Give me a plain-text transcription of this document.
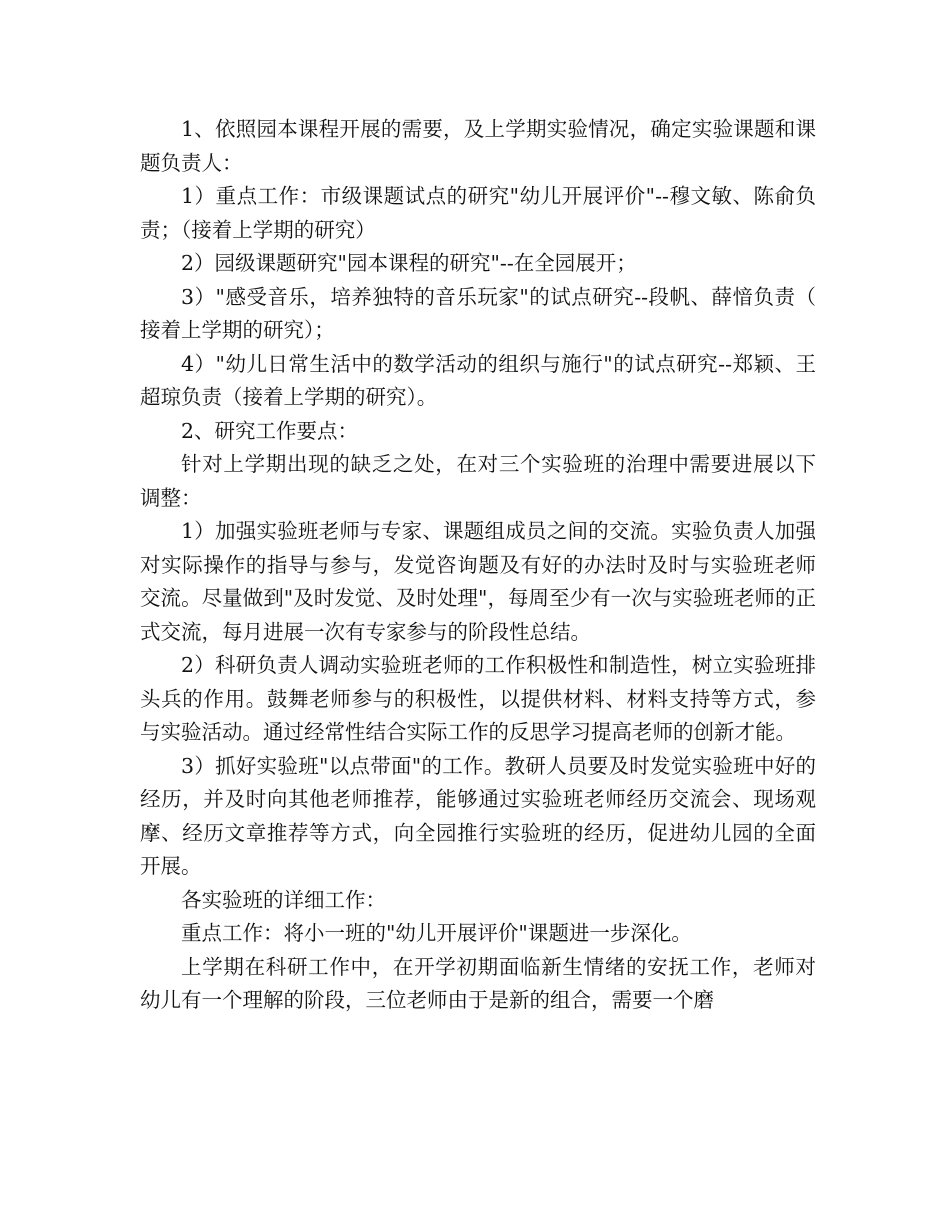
1、依照园本课程开展的需要，及上学期实验情况，确定实验课题和课题负责人：

1）重点工作：市级课题试点的研究"幼儿开展评价"--穆文敏、陈俞负责；（接着上学期的研究）

2）园级课题研究"园本课程的研究"--在全园展开；

3）"感受音乐，培养独特的音乐玩家"的试点研究--段帆、薛愔负责（接着上学期的研究）；

4）"幼儿日常生活中的数学活动的组织与施行"的试点研究--郑颖、王超琼负责（接着上学期的研究）。

2、研究工作要点：

针对上学期出现的缺乏之处，在对三个实验班的治理中需要进展以下调整：

1）加强实验班老师与专家、课题组成员之间的交流。实验负责人加强对实际操作的指导与参与，发觉咨询题及有好的办法时及时与实验班老师交流。尽量做到"及时发觉、及时处理"，每周至少有一次与实验班老师的正式交流，每月进展一次有专家参与的阶段性总结。

2）科研负责人调动实验班老师的工作积极性和制造性，树立实验班排头兵的作用。鼓舞老师参与的积极性，以提供材料、材料支持等方式，参与实验活动。通过经常性结合实际工作的反思学习提高老师的创新才能。

3）抓好实验班"以点带面"的工作。教研人员要及时发觉实验班中好的经历，并及时向其他老师推荐，能够通过实验班老师经历交流会、现场观摩、经历文章推荐等方式，向全园推行实验班的经历，促进幼儿园的全面开展。

各实验班的详细工作：

重点工作：将小一班的"幼儿开展评价"课题进一步深化。

上学期在科研工作中，在开学初期面临新生情绪的安抚工作，老师对幼儿有一个理解的阶段，三位老师由于是新的组合，需要一个磨
